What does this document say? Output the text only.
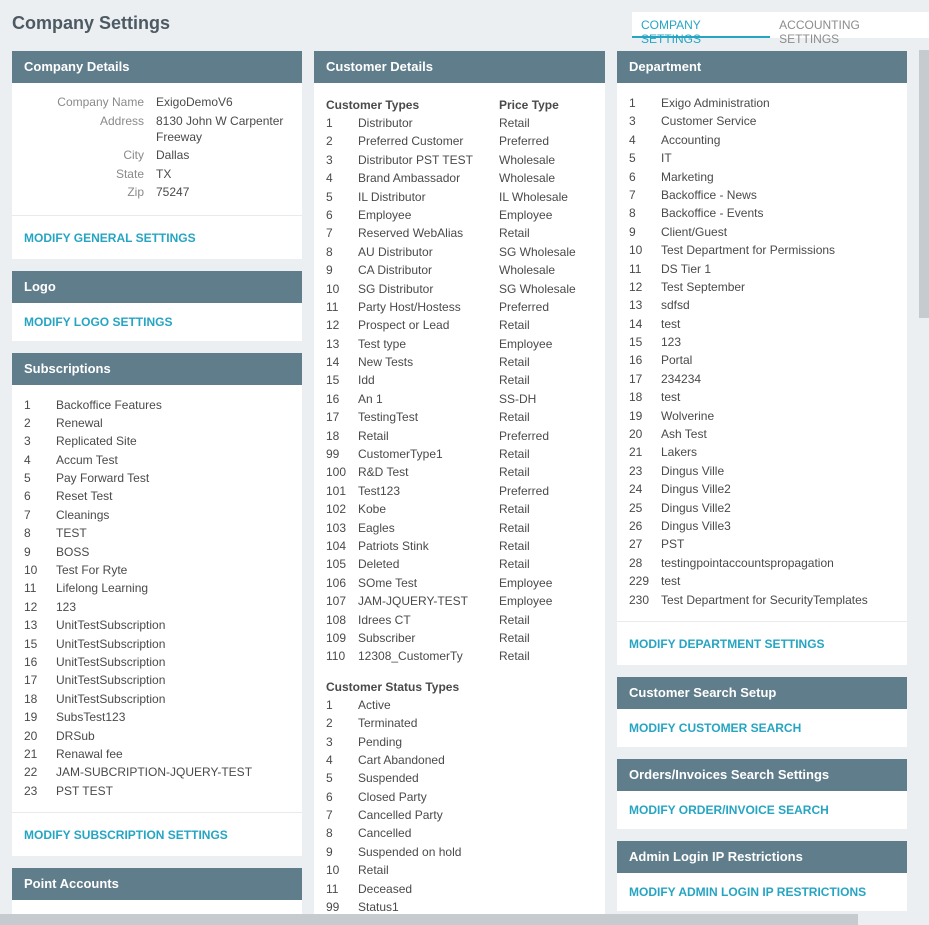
Company Settings	COMPANY SETTINGS
ACCOUNTING SETTINGS
Company Details
Company Name	ExigoDemoV6
Address	8130 John W Carpenter Freeway
City	Dallas
State	TX
Zip	75247
MODIFY GENERAL SETTINGS
Logo
MODIFY LOGO SETTINGS
Subscriptions
1	Backoffice Features
2	Renewal
3	Replicated Site
4	Accum Test
5	Pay Forward Test
6	Reset Test
7	Cleanings
8	TEST
9	BOSS
10	Test For Ryte
11	Lifelong Learning
12	123
13	UnitTestSubscription
15	UnitTestSubscription
16	UnitTestSubscription
17	UnitTestSubscription
18	UnitTestSubscription
19	SubsTest123
20	DRSub
21	Renawal fee
22	JAM-SUBCRIPTION-JQUERY-TEST
23	PST TEST
MODIFY SUBSCRIPTION SETTINGS
Point Accounts
Customer Details
Customer Types	Price Type
1	Distributor	Retail
2	Preferred Customer	Preferred
3	Distributor PST TEST	Wholesale
4	Brand Ambassador	Wholesale
5	IL Distributor	IL Wholesale
6	Employee	Employee
7	Reserved WebAlias	Retail
8	AU Distributor	SG Wholesale
9	CA Distributor	Wholesale
10	SG Distributor	SG Wholesale
11	Party Host/Hostess	Preferred
12	Prospect or Lead	Retail
13	Test type	Employee
14	New Tests	Retail
15	Idd	Retail
16	An 1	SS-DH
17	TestingTest	Retail
18	Retail	Preferred
99	CustomerType1	Retail
100 R&D Test	Retail
101 Test123	Preferred
102 Kobe	Retail
103 Eagles	Retail
104 Patriots Stink	Retail
105 Deleted	Retail
106 SOme Test	Employee
107 JAM-JQUERY-TEST	Employee
108 Idrees CT	Retail
109 Subscriber	Retail
110	12308_CustomerTy	Retail
Customer Status Types
1	Active
2	Terminated
3	Pending
4	Cart Abandoned
5	Suspended
6	Closed Party
7	Cancelled Party
8	Cancelled
9	Suspended on hold
10	Retail
11	Deceased
99	Status1
Department
1	Exigo Administration
3	Customer Service
4	Accounting
5	IT
6	Marketing
7	Backoffice - News
8	Backoffice - Events
9	Client/Guest
10	Test Department for Permissions
11	DS Tier 1
12	Test September
13	sdfsd
14	test
15	123
16	Portal
17	234234
18	test
19	Wolverine
20	Ash Test
21	Lakers
23	Dingus Ville
24	Dingus Ville2
25	Dingus Ville2
26	Dingus Ville3
27	PST
28	testingpointaccountspropagation
229 test
230 Test Department for SecurityTemplates
MODIFY DEPARTMENT SETTINGS
Customer Search Setup
MODIFY CUSTOMER SEARCH
Orders/Invoices Search Settings
MODIFY ORDER/INVOICE SEARCH
Admin Login IP Restrictions
MODIFY ADMIN LOGIN IP RESTRICTIONS
